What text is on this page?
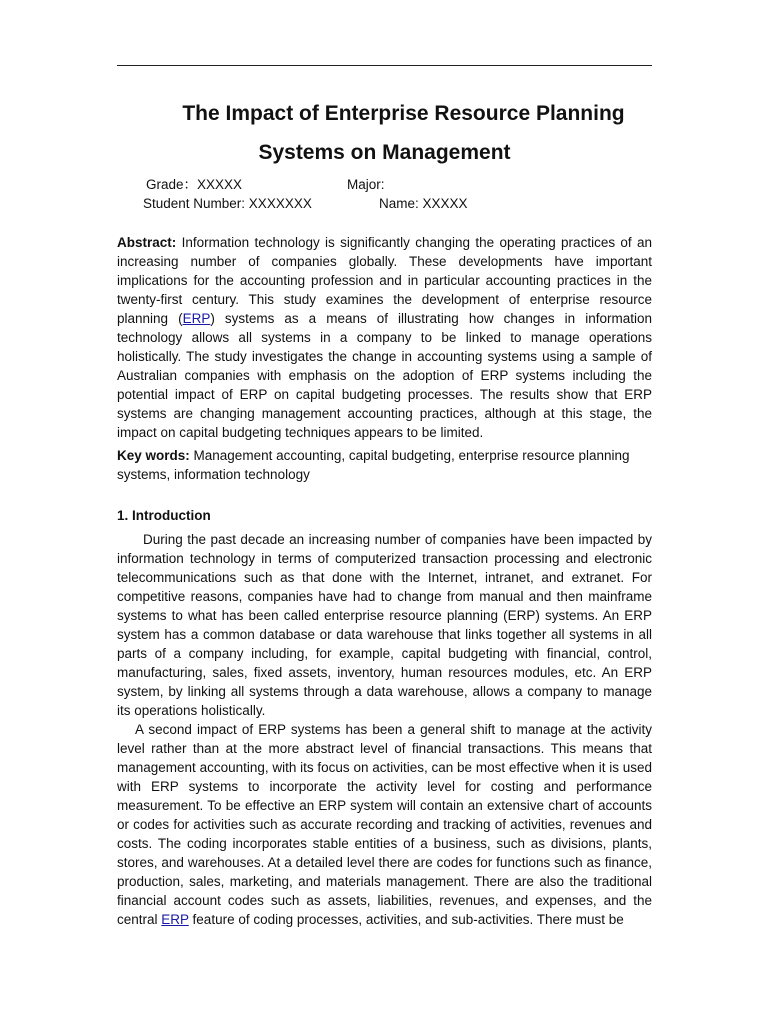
The Impact of Enterprise Resource Planning
Systems on Management
Grade：XXXXX	Major:
Student Number: XXXXXXX	Name: XXXXX

Abstract: Information technology is significantly changing the operating practices of an increasing number of companies globally. These developments have important implications for the accounting profession and in particular accounting practices in the twenty-first century. This study examines the development of enterprise resource planning (ERP) systems as a means of illustrating how changes in information technology allows all systems in a company to be linked to manage operations holistically. The study investigates the change in accounting systems using a sample of Australian companies with emphasis on the adoption of ERP systems including the potential impact of ERP on capital budgeting processes. The results show that ERP systems are changing management accounting practices, although at this stage, the impact on capital budgeting techniques appears to be limited.

Key words: Management accounting, capital budgeting, enterprise resource planning systems, information technology

1. Introduction

During the past decade an increasing number of companies have been impacted by information technology in terms of computerized transaction processing and electronic telecommunications such as that done with the Internet, intranet, and extranet. For competitive reasons, companies have had to change from manual and then mainframe systems to what has been called enterprise resource planning (ERP) systems. An ERP system has a common database or data warehouse that links together all systems in all parts of a company including, for example, capital budgeting with financial, control, manufacturing, sales, fixed assets, inventory, human resources modules, etc. An ERP system, by linking all systems through a data warehouse, allows a company to manage its operations holistically.

A second impact of ERP systems has been a general shift to manage at the activity level rather than at the more abstract level of financial transactions. This means that management accounting, with its focus on activities, can be most effective when it is used with ERP systems to incorporate the activity level for costing and performance measurement. To be effective an ERP system will contain an extensive chart of accounts or codes for activities such as accurate recording and tracking of activities, revenues and costs. The coding incorporates stable entities of a business, such as divisions, plants, stores, and warehouses. At a detailed level there are codes for functions such as finance, production, sales, marketing, and materials management. There are also the traditional financial account codes such as assets, liabilities, revenues, and expenses, and the central ERP feature of coding processes, activities, and sub-activities. There must be
